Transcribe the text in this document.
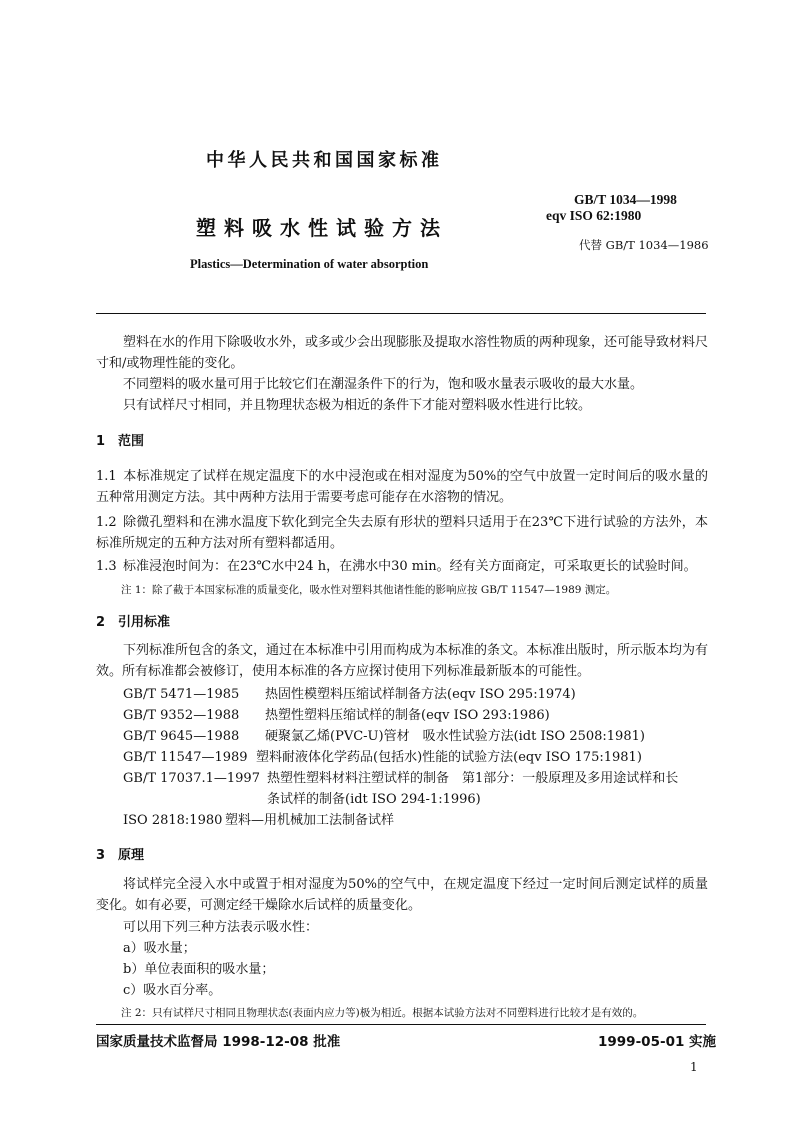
中华人民共和国国家标准
GB/T 1034—1998
eqv ISO 62:1980
塑料吸水性试验方法
代替 GB/T 1034—1986
Plastics—Determination of water absorption
塑料在水的作用下除吸收水外，或多或少会出现膨胀及提取水溶性物质的两种现象，还可能导致材料尺寸和/或物理性能的变化。
不同塑料的吸水量可用于比较它们在潮湿条件下的行为，饱和吸水量表示吸收的最大水量。
只有试样尺寸相同，并且物理状态极为相近的条件下才能对塑料吸水性进行比较。
1 范围
1.1 本标准规定了试样在规定温度下的水中浸泡或在相对湿度为50%的空气中放置一定时间后的吸水量的五种常用测定方法。其中两种方法用于需要考虑可能存在水溶物的情况。
1.2 除微孔塑料和在沸水温度下软化到完全失去原有形状的塑料只适用于在23℃下进行试验的方法外，本标准所规定的五种方法对所有塑料都适用。
1.3 标准浸泡时间为：在23℃水中24 h，在沸水中30 min。经有关方面商定，可采取更长的试验时间。
注 1：除了截于本国家标准的质量变化，吸水性对塑料其他诸性能的影响应按 GB/T 11547—1989 测定。
2 引用标准
下列标准所包含的条文，通过在本标准中引用而构成为本标准的条文。本标准出版时，所示版本均为有效。所有标准都会被修订，使用本标准的各方应探讨使用下列标准最新版本的可能性。
GB/T 5471—1985 热固性模塑料压缩试样制备方法(eqv ISO 295:1974)
GB/T 9352—1988 热塑性塑料压缩试样的制备(eqv ISO 293:1986)
GB/T 9645—1988 硬聚氯乙烯(PVC-U)管材　吸水性试验方法(idt ISO 2508:1981)
GB/T 11547—1989 塑料耐液体化学药品(包括水)性能的试验方法(eqv ISO 175:1981)
GB/T 17037.1—1997 热塑性塑料材料注塑试样的制备　第1部分：一般原理及多用途试样和长
条试样的制备(idt ISO 294-1:1996)
ISO 2818:1980 塑料—用机械加工法制备试样
3 原理
将试样完全浸入水中或置于相对湿度为50%的空气中，在规定温度下经过一定时间后测定试样的质量变化。如有必要，可测定经干燥除水后试样的质量变化。
可以用下列三种方法表示吸水性：
a）吸水量；
b）单位表面积的吸水量；
c）吸水百分率。
注 2：只有试样尺寸相同且物理状态(表面内应力等)极为相近。根据本试验方法对不同塑料进行比较才是有效的。
国家质量技术监督局 1998-12-08 批准	1999-05-01 实施
1
